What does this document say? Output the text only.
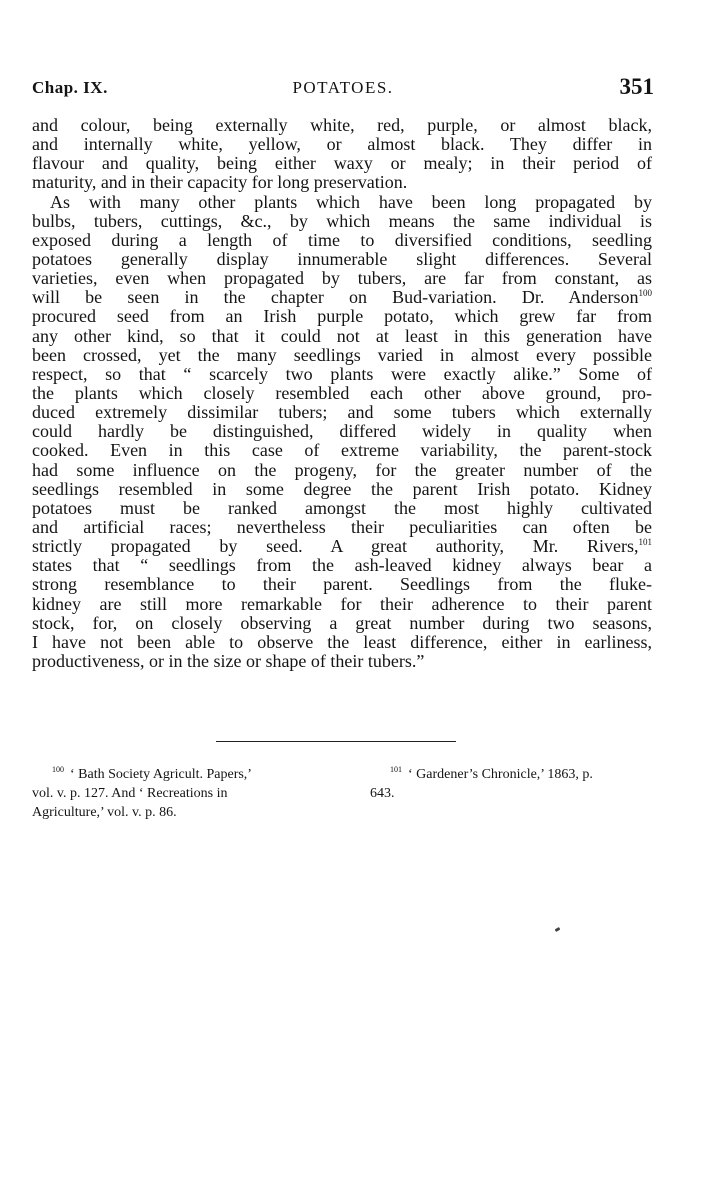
Chap. IX.	POTATOES.	351
and colour, being externally white, red, purple, or almost black,
and internally white, yellow, or almost black. They differ in
flavour and quality, being either waxy or mealy; in their period of
maturity, and in their capacity for long preservation.
As with many other plants which have been long propagated by
bulbs, tubers, cuttings, &c., by which means the same individual is
exposed during a length of time to diversified conditions, seedling
potatoes generally display innumerable slight differences. Several
varieties, even when propagated by tubers, are far from constant, as
will be seen in the chapter on Bud-variation. Dr. Anderson$^{100}$
procured seed from an Irish purple potato, which grew far from
any other kind, so that it could not at least in this generation have
been crossed, yet the many seedlings varied in almost every possible
respect, so that “ scarcely two plants were exactly alike.” Some of
the plants which closely resembled each other above ground, pro-
duced extremely dissimilar tubers; and some tubers which externally
could hardly be distinguished, differed widely in quality when
cooked. Even in this case of extreme variability, the parent-stock
had some influence on the progeny, for the greater number of the
seedlings resembled in some degree the parent Irish potato. Kidney
potatoes must be ranked amongst the most highly cultivated
and artificial races; nevertheless their peculiarities can often be
strictly propagated by seed. A great authority, Mr. Rivers,$^{101}$
states that “ seedlings from the ash-leaved kidney always bear a
strong resemblance to their parent. Seedlings from the fluke-
kidney are still more remarkable for their adherence to their parent
stock, for, on closely observing a great number during two seasons,
I have not been able to observe the least difference, either in earliness,
productiveness, or in the size or shape of their tubers.”
$^{100}$ ‘ Bath Society Agricult. Papers,’
vol. v. p. 127. And ‘ Recreations in
Agriculture,’ vol. v. p. 86.
$^{101}$ ‘ Gardener’s Chronicle,’ 1863, p.
643.
